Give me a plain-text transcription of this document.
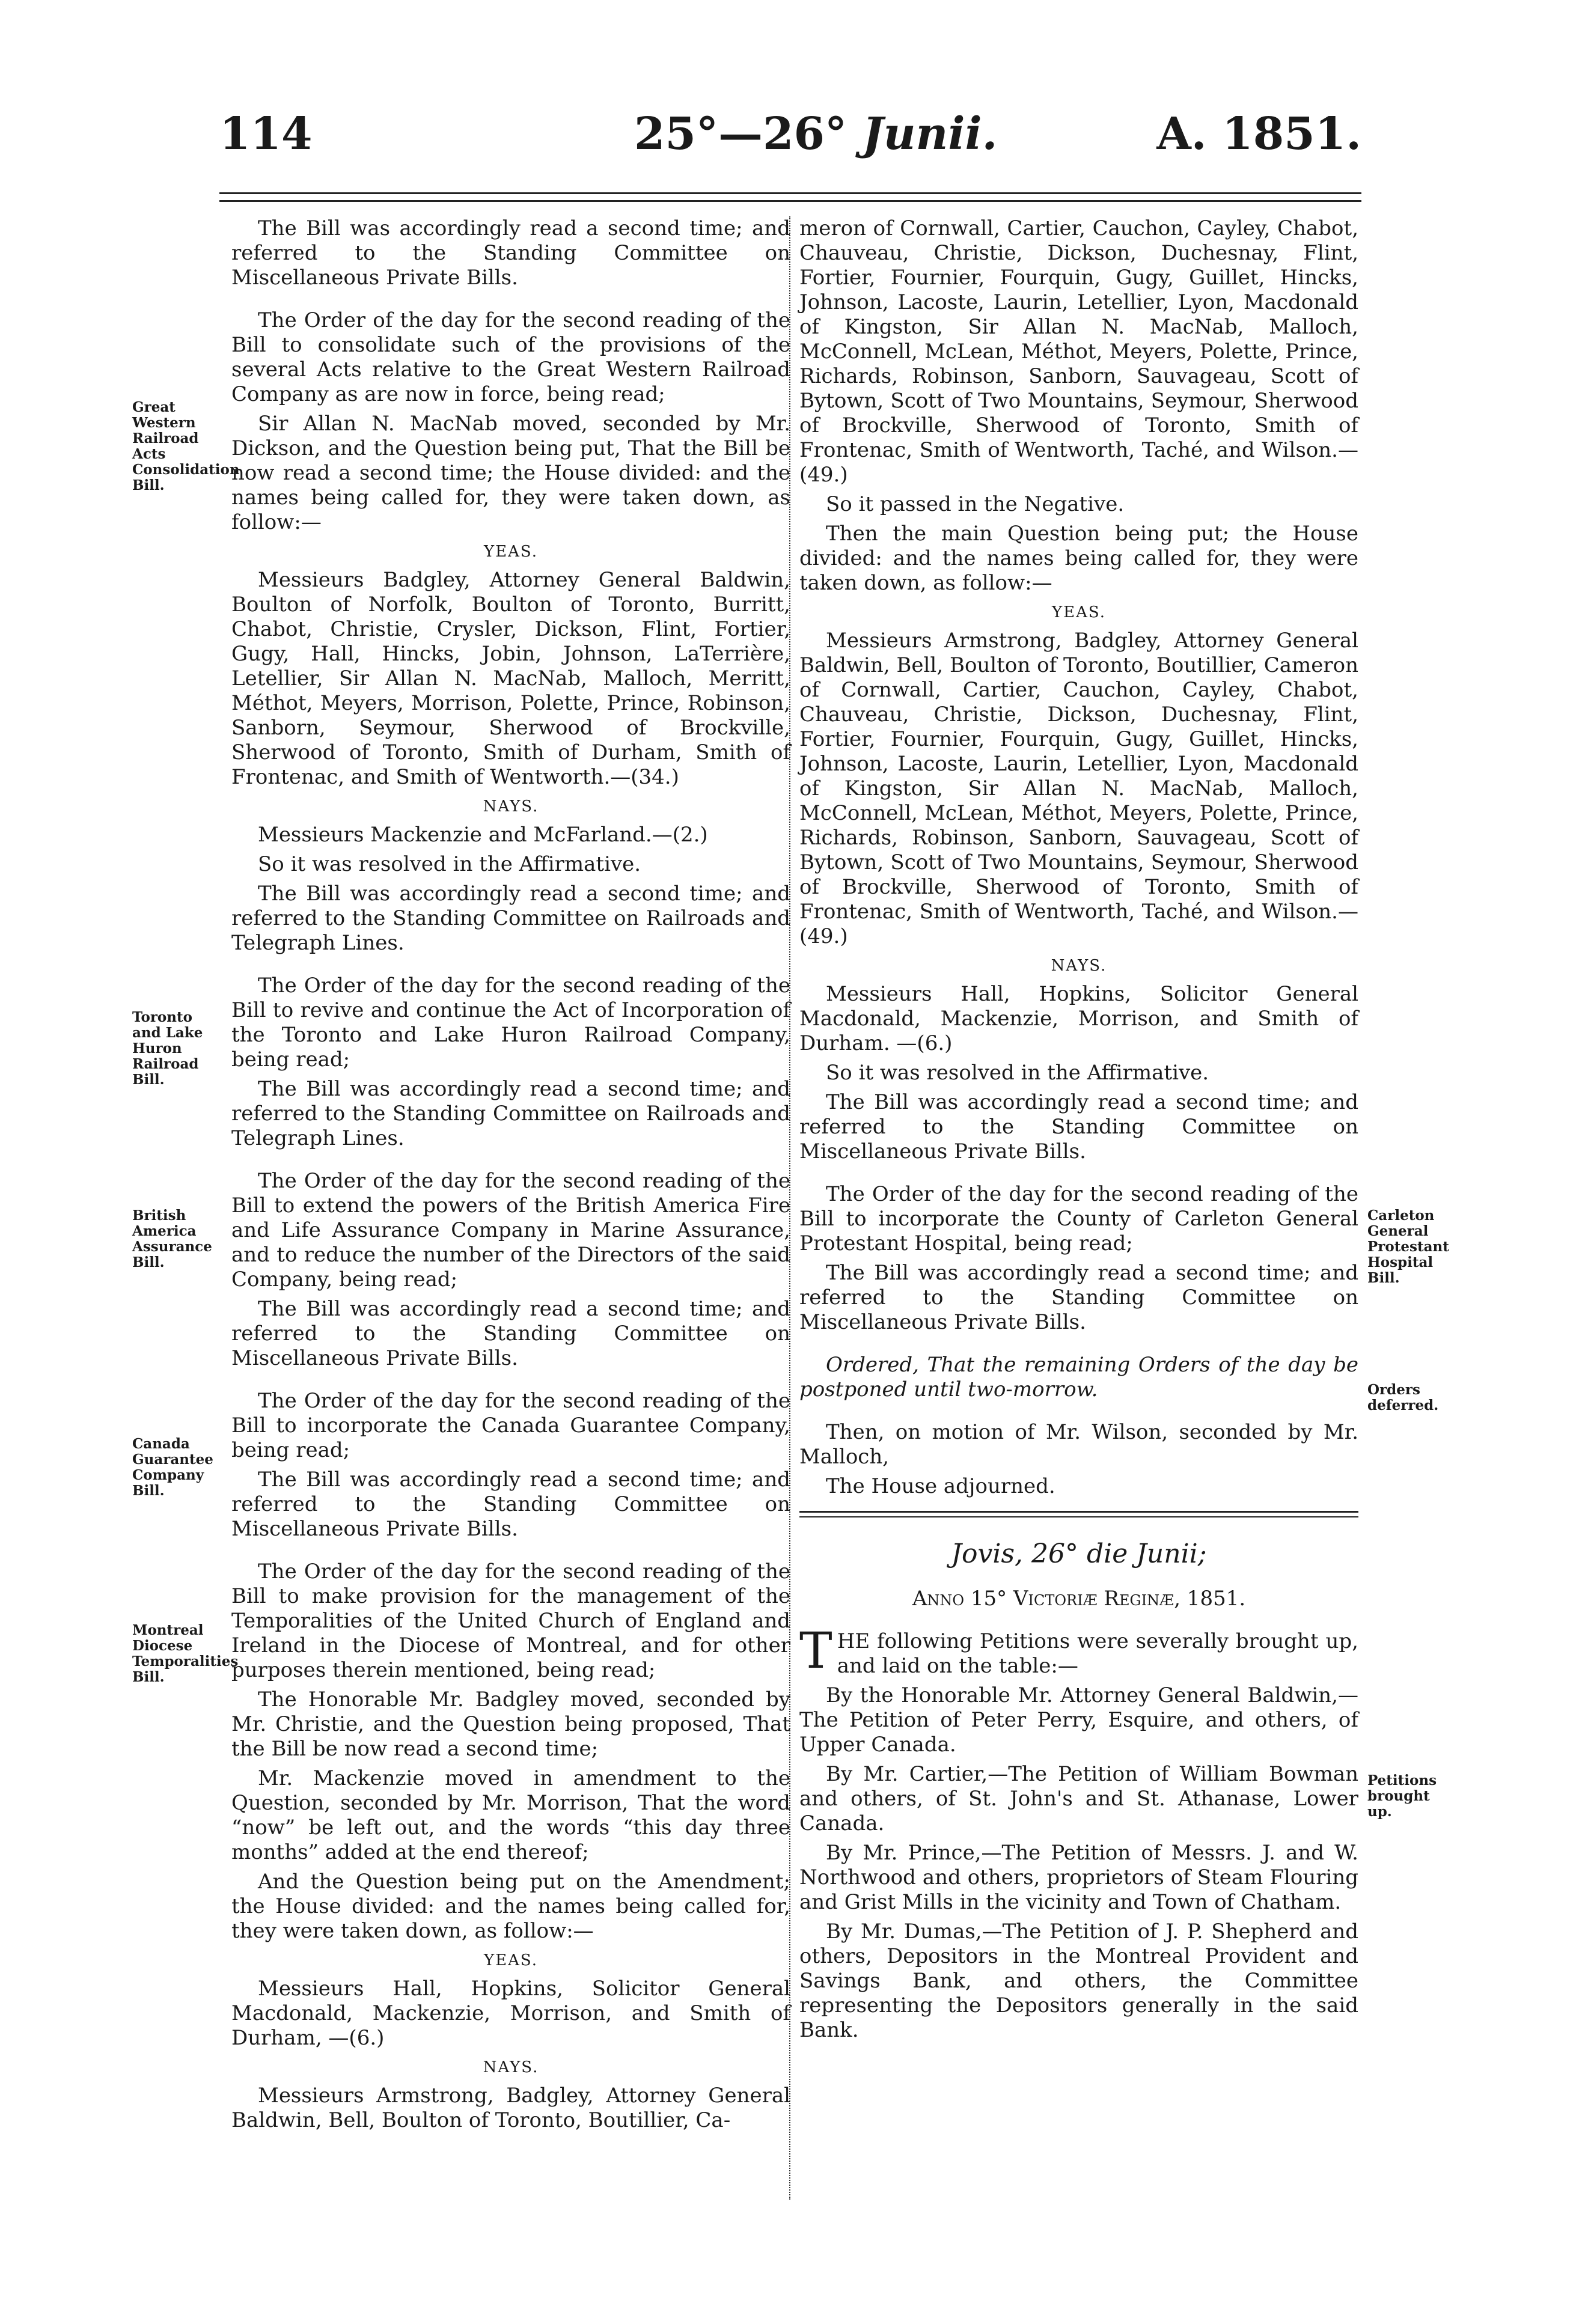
114	25°—26° Junii.	A. 1851.
Great Western Railroad Acts Consolidation Bill.
Toronto and Lake Huron Railroad Bill.
British America Assurance Bill.
Canada Guarantee Company Bill.
Montreal Diocese Temporalities Bill.
Carleton General Protestant Hospital Bill.
Orders deferred.
Petitions brought up.

The Bill was accordingly read a second time; and referred to the Standing Committee on Miscellaneous Private Bills.

The Order of the day for the second reading of the Bill to consolidate such of the provisions of the several Acts relative to the Great Western Railroad Company as are now in force, being read;

Sir Allan N. MacNab moved, seconded by Mr. Dickson, and the Question being put, That the Bill be now read a second time; the House divided: and the names being called for, they were taken down, as follow:—

YEAS.

Messieurs Badgley, Attorney General Baldwin, Boulton of Norfolk, Boulton of Toronto, Burritt, Chabot, Christie, Crysler, Dickson, Flint, Fortier, Gugy, Hall, Hincks, Jobin, Johnson, LaTerrière, Letellier, Sir Allan N. MacNab, Malloch, Merritt, Méthot, Meyers, Morrison, Polette, Prince, Robinson, Sanborn, Seymour, Sherwood of Brockville, Sherwood of Toronto, Smith of Durham, Smith of Frontenac, and Smith of Wentworth.—(34.)

NAYS.

Messieurs Mackenzie and McFarland.—(2.)

So it was resolved in the Affirmative.

The Bill was accordingly read a second time; and referred to the Standing Committee on Railroads and Telegraph Lines.

The Order of the day for the second reading of the Bill to revive and continue the Act of Incorporation of the Toronto and Lake Huron Railroad Company, being read;

The Bill was accordingly read a second time; and referred to the Standing Committee on Railroads and Telegraph Lines.

The Order of the day for the second reading of the Bill to extend the powers of the British America Fire and Life Assurance Company in Marine Assurance, and to reduce the number of the Directors of the said Company, being read;

The Bill was accordingly read a second time; and referred to the Standing Committee on Miscellaneous Private Bills.

The Order of the day for the second reading of the Bill to incorporate the Canada Guarantee Company, being read;

The Bill was accordingly read a second time; and referred to the Standing Committee on Miscellaneous Private Bills.

The Order of the day for the second reading of the Bill to make provision for the management of the Temporalities of the United Church of England and Ireland in the Diocese of Montreal, and for other purposes therein mentioned, being read;

The Honorable Mr. Badgley moved, seconded by Mr. Christie, and the Question being proposed, That the Bill be now read a second time;

Mr. Mackenzie moved in amendment to the Question, seconded by Mr. Morrison, That the word “now” be left out, and the words “this day three months” added at the end thereof;

And the Question being put on the Amendment; the House divided: and the names being called for, they were taken down, as follow:—

YEAS.

Messieurs Hall, Hopkins, Solicitor General Macdonald, Mackenzie, Morrison, and Smith of Durham, —(6.)

NAYS.

Messieurs Armstrong, Badgley, Attorney General Baldwin, Bell, Boulton of Toronto, Boutillier, Ca-

meron of Cornwall, Cartier, Cauchon, Cayley, Chabot, Chauveau, Christie, Dickson, Duchesnay, Flint, Fortier, Fournier, Fourquin, Gugy, Guillet, Hincks, Johnson, Lacoste, Laurin, Letellier, Lyon, Macdonald of Kingston, Sir Allan N. MacNab, Malloch, McConnell, McLean, Méthot, Meyers, Polette, Prince, Richards, Robinson, Sanborn, Sauvageau, Scott of Bytown, Scott of Two Mountains, Seymour, Sherwood of Brockville, Sherwood of Toronto, Smith of Frontenac, Smith of Wentworth, Taché, and Wilson.—(49.)

So it passed in the Negative.

Then the main Question being put; the House divided: and the names being called for, they were taken down, as follow:—

YEAS.

Messieurs Armstrong, Badgley, Attorney General Baldwin, Bell, Boulton of Toronto, Boutillier, Cameron of Cornwall, Cartier, Cauchon, Cayley, Chabot, Chauveau, Christie, Dickson, Duchesnay, Flint, Fortier, Fournier, Fourquin, Gugy, Guillet, Hincks, Johnson, Lacoste, Laurin, Letellier, Lyon, Macdonald of Kingston, Sir Allan N. MacNab, Malloch, McConnell, McLean, Méthot, Meyers, Polette, Prince, Richards, Robinson, Sanborn, Sauvageau, Scott of Bytown, Scott of Two Mountains, Seymour, Sherwood of Brockville, Sherwood of Toronto, Smith of Frontenac, Smith of Wentworth, Taché, and Wilson.—(49.)

NAYS.

Messieurs Hall, Hopkins, Solicitor General Macdonald, Mackenzie, Morrison, and Smith of Durham. —(6.)

So it was resolved in the Affirmative.

The Bill was accordingly read a second time; and referred to the Standing Committee on Miscellaneous Private Bills.

The Order of the day for the second reading of the Bill to incorporate the County of Carleton General Protestant Hospital, being read;

The Bill was accordingly read a second time; and referred to the Standing Committee on Miscellaneous Private Bills.

Ordered, That the remaining Orders of the day be postponed until two-morrow.

Then, on motion of Mr. Wilson, seconded by Mr. Malloch,

The House adjourned.

Jovis, 26° die Junii;

Anno 15° Victoriæ Reginæ, 1851.

THE following Petitions were severally brought up, and laid on the table:—

By the Honorable Mr. Attorney General Baldwin,—The Petition of Peter Perry, Esquire, and others, of Upper Canada.

By Mr. Cartier,—The Petition of William Bowman and others, of St. John's and St. Athanase, Lower Canada.

By Mr. Prince,—The Petition of Messrs. J. and W. Northwood and others, proprietors of Steam Flouring and Grist Mills in the vicinity and Town of Chatham.

By Mr. Dumas,—The Petition of J. P. Shepherd and others, Depositors in the Montreal Provident and Savings Bank, and others, the Committee representing the Depositors generally in the said Bank.
